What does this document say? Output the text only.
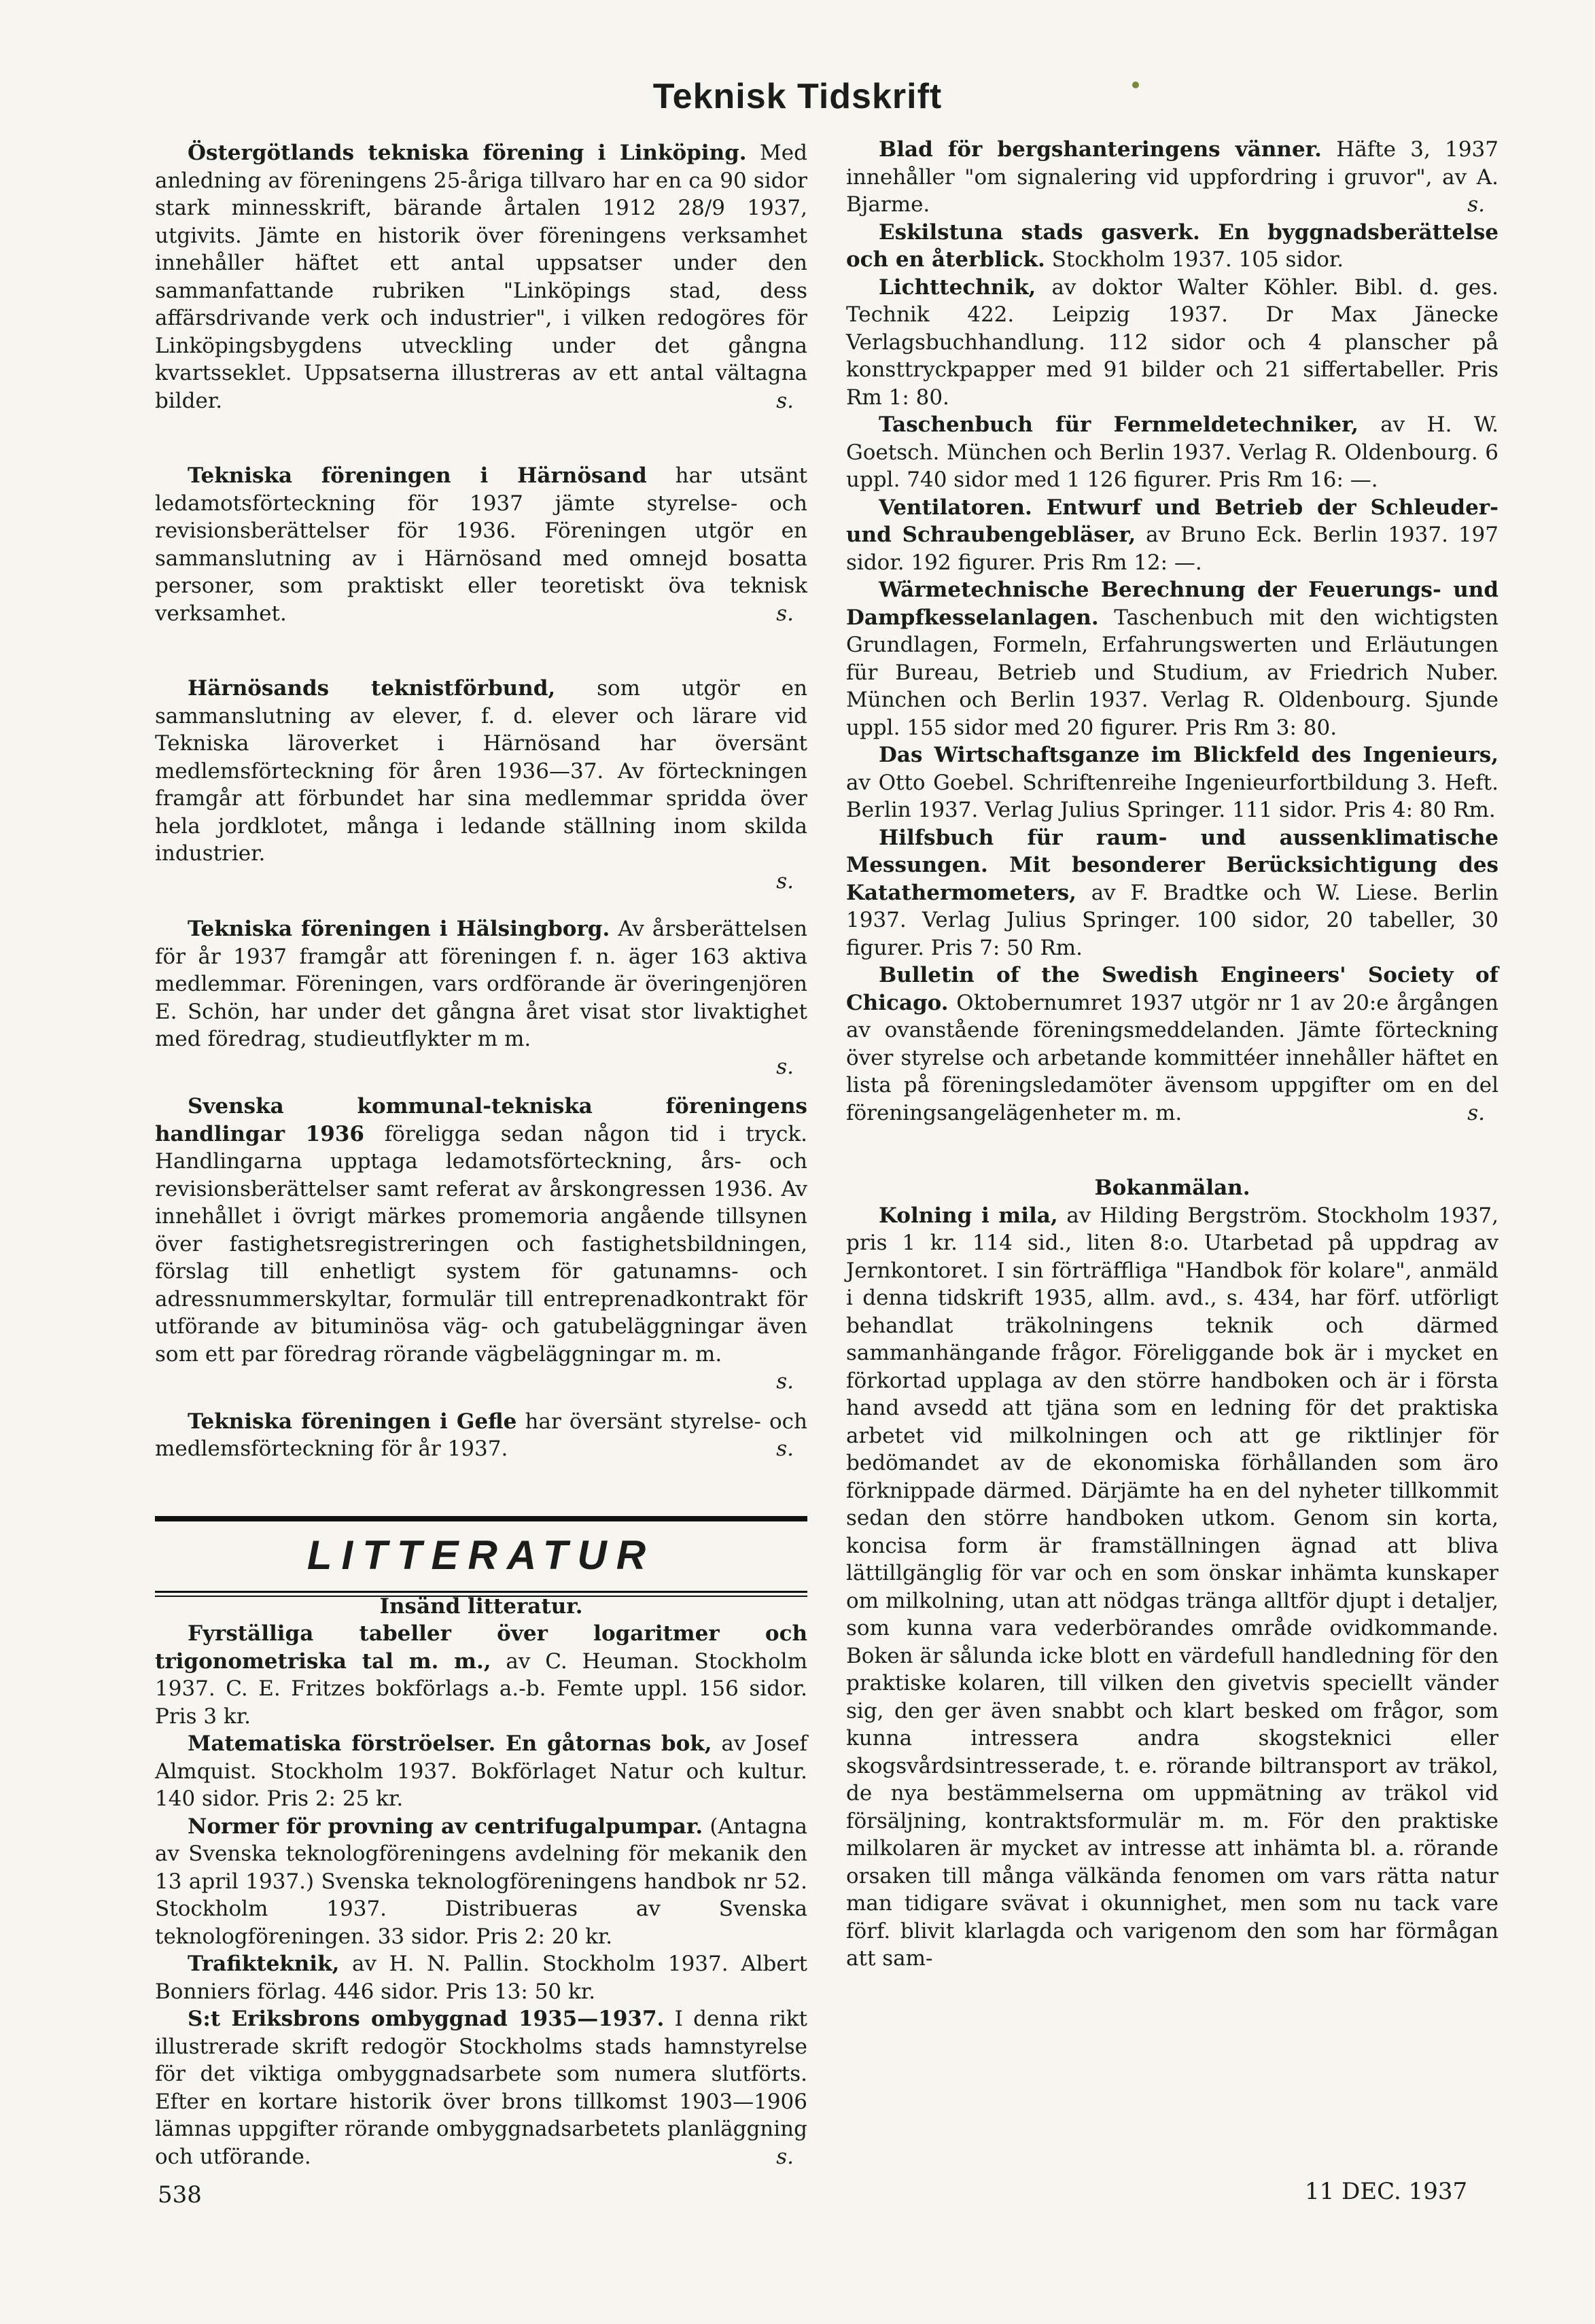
Teknisk Tidskrift

Östergötlands tekniska förening i Linköping. Med anledning av föreningens 25-åriga tillvaro har en ca 90 sidor stark minnesskrift, bärande årtalen 1912 28/9 1937, utgivits. Jämte en historik över föreningens verksamhet innehåller häftet ett antal uppsatser under den sammanfattande rubriken "Linköpings stad, dess affärsdrivande verk och industrier", i vilken redogöres för Linköpingsbygdens utveckling under det gångna kvartsseklet. Uppsatserna illustreras av ett antal vältagna bilder.	s.

Tekniska föreningen i Härnösand har utsänt ledamotsförteckning för 1937 jämte styrelse- och revisionsberättelser för 1936. Föreningen utgör en sammanslutning av i Härnösand med omnejd bosatta personer, som praktiskt eller teoretiskt öva teknisk verksamhet.	s.

Härnösands teknistförbund, som utgör en sammanslutning av elever, f. d. elever och lärare vid Tekniska läroverket i Härnösand har översänt medlemsförteckning för åren 1936—37. Av förteckningen framgår att förbundet har sina medlemmar spridda över hela jordklotet, många i ledande ställning inom skilda industrier.
s.

Tekniska föreningen i Hälsingborg. Av årsberättelsen för år 1937 framgår att föreningen f. n. äger 163 aktiva medlemmar. Föreningen, vars ordförande är överingenjören E. Schön, har under det gångna året visat stor livaktighet med föredrag, studieutflykter m m.
s.

Svenska kommunal-tekniska föreningens handlingar 1936 föreligga sedan någon tid i tryck. Handlingarna upptaga ledamotsförteckning, års- och revisionsberättelser samt referat av årskongressen 1936. Av innehållet i övrigt märkes promemoria angående tillsynen över fastighetsregistreringen och fastighetsbildningen, förslag till enhetligt system för gatunamns- och adressnummerskyltar, formulär till entreprenadkontrakt för utförande av bituminösa väg- och gatubeläggningar även som ett par föredrag rörande vägbeläggningar m. m.
s.

Tekniska föreningen i Gefle har översänt styrelse- och medlemsförteckning för år 1937.	s.

LITTERATUR

Insänd litteratur.

Fyrställiga tabeller över logaritmer och trigonometriska tal m. m., av C. Heuman. Stockholm 1937. C. E. Fritzes bokförlags a.-b. Femte uppl. 156 sidor. Pris 3 kr.

Matematiska förströelser. En gåtornas bok, av Josef Almquist. Stockholm 1937. Bokförlaget Natur och kultur. 140 sidor. Pris 2: 25 kr.

Normer för provning av centrifugalpumpar. (Antagna av Svenska teknologföreningens avdelning för mekanik den 13 april 1937.) Svenska teknologföreningens handbok nr 52. Stockholm 1937. Distribueras av Svenska teknologföreningen. 33 sidor. Pris 2: 20 kr.

Trafikteknik, av H. N. Pallin. Stockholm 1937. Albert Bonniers förlag. 446 sidor. Pris 13: 50 kr.

S:t Eriksbrons ombyggnad 1935—1937. I denna rikt illustrerade skrift redogör Stockholms stads hamnstyrelse för det viktiga ombyggnadsarbete som numera slutförts. Efter en kortare historik över brons tillkomst 1903—1906 lämnas uppgifter rörande ombyggnadsarbetets planläggning och utförande.	s.

Blad för bergshanteringens vänner. Häfte 3, 1937 innehåller "om signalering vid uppfordring i gruvor", av A. Bjarme.	s.

Eskilstuna stads gasverk. En byggnadsberättelse och en återblick. Stockholm 1937. 105 sidor.

Lichttechnik, av doktor Walter Köhler. Bibl. d. ges. Technik 422. Leipzig 1937. Dr Max Jänecke Verlagsbuchhandlung. 112 sidor och 4 planscher på konsttryckpapper med 91 bilder och 21 siffertabeller. Pris Rm 1: 80.

Taschenbuch für Fernmeldetechniker, av H. W. Goetsch. München och Berlin 1937. Verlag R. Oldenbourg. 6 uppl. 740 sidor med 1 126 figurer. Pris Rm 16: —.

Ventilatoren. Entwurf und Betrieb der Schleuder- und Schraubengebläser, av Bruno Eck. Berlin 1937. 197 sidor. 192 figurer. Pris Rm 12: —.

Wärmetechnische Berechnung der Feuerungs- und Dampfkesselanlagen. Taschenbuch mit den wichtigsten Grundlagen, Formeln, Erfahrungswerten und Erläutungen für Bureau, Betrieb und Studium, av Friedrich Nuber. München och Berlin 1937. Verlag R. Oldenbourg. Sjunde uppl. 155 sidor med 20 figurer. Pris Rm 3: 80.

Das Wirtschaftsganze im Blickfeld des Ingenieurs, av Otto Goebel. Schriftenreihe Ingenieurfortbildung 3. Heft. Berlin 1937. Verlag Julius Springer. 111 sidor. Pris 4: 80 Rm.

Hilfsbuch für raum- und aussenklimatische Messungen. Mit besonderer Berücksichtigung des Katathermometers, av F. Bradtke och W. Liese. Berlin 1937. Verlag Julius Springer. 100 sidor, 20 tabeller, 30 figurer. Pris 7: 50 Rm.

Bulletin of the Swedish Engineers' Society of Chicago. Oktobernumret 1937 utgör nr 1 av 20:e årgången av ovanstående föreningsmeddelanden. Jämte förteckning över styrelse och arbetande kommittéer innehåller häftet en lista på föreningsledamöter ävensom uppgifter om en del föreningsangelägenheter m. m.	s.

Bokanmälan.

Kolning i mila, av Hilding Bergström. Stockholm 1937, pris 1 kr. 114 sid., liten 8:o. Utarbetad på uppdrag av Jernkontoret. I sin förträffliga "Handbok för kolare", anmäld i denna tidskrift 1935, allm. avd., s. 434, har förf. utförligt behandlat träkolningens teknik och därmed sammanhängande frågor. Föreliggande bok är i mycket en förkortad upplaga av den större handboken och är i första hand avsedd att tjäna som en ledning för det praktiska arbetet vid milkolningen och att ge riktlinjer för bedömandet av de ekonomiska förhållanden som äro förknippade därmed. Därjämte ha en del nyheter tillkommit sedan den större handboken utkom. Genom sin korta, koncisa form är framställningen ägnad att bliva lättillgänglig för var och en som önskar inhämta kunskaper om milkolning, utan att nödgas tränga alltför djupt i detaljer, som kunna vara vederbörandes område ovidkommande. Boken är sålunda icke blott en värdefull handledning för den praktiske kolaren, till vilken den givetvis speciellt vänder sig, den ger även snabbt och klart besked om frågor, som kunna intressera andra skogsteknici eller skogsvårdsintresserade, t. e. rörande biltransport av träkol, de nya bestämmelserna om uppmätning av träkol vid försäljning, kontraktsformulär m. m. För den praktiske milkolaren är mycket av intresse att inhämta bl. a. rörande orsaken till många välkända fenomen om vars rätta natur man tidigare svävat i okunnighet, men som nu tack vare förf. blivit klarlagda och varigenom den som har förmågan att sam-

538	11 DEC. 1937
